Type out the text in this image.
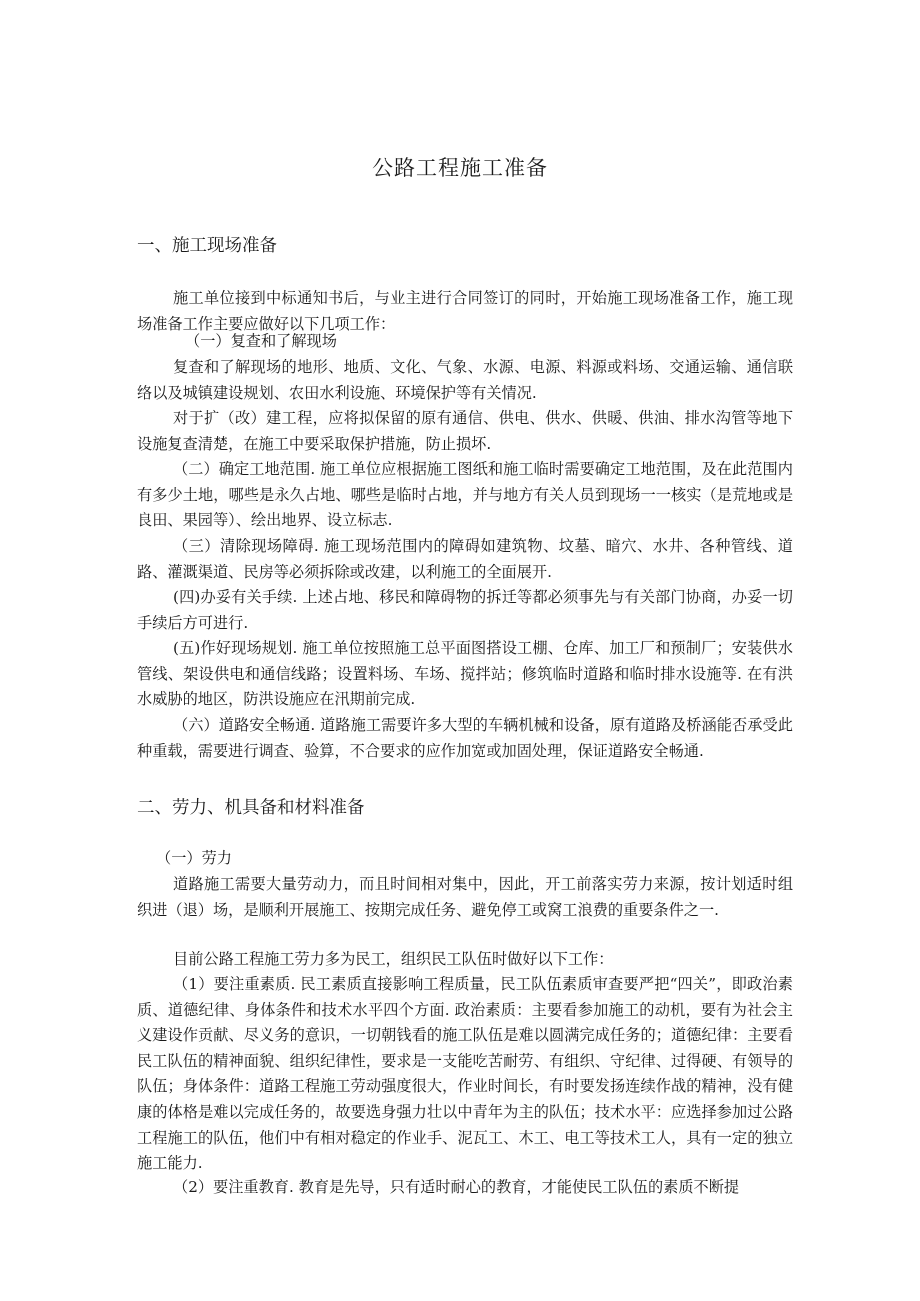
公路工程施工准备
一、施工现场准备

施工单位接到中标通知书后，与业主进行合同签订的同时，开始施工现场准备工作，施工现场准备工作主要应做好以下几项工作：

（一）复查和了解现场

复查和了解现场的地形、地质、文化、气象、水源、电源、料源或料场、交通运输、通信联络以及城镇建设规划、农田水利设施、环境保护等有关情况.

对于扩（改）建工程，应将拟保留的原有通信、供电、供水、供暖、供油、排水沟管等地下设施复查清楚，在施工中要采取保护措施，防止损坏.

（二）确定工地范围. 施工单位应根据施工图纸和施工临时需要确定工地范围，及在此范围内有多少土地，哪些是永久占地、哪些是临时占地，并与地方有关人员到现场一一核实（是荒地或是良田、果园等）、绘出地界、设立标志.

（三）清除现场障碍. 施工现场范围内的障碍如建筑物、坟墓、暗穴、水井、各种管线、道路、灌溉渠道、民房等必须拆除或改建，以利施工的全面展开.

(四)办妥有关手续. 上述占地、移民和障碍物的拆迁等都必须事先与有关部门协商，办妥一切手续后方可进行.

(五)作好现场规划. 施工单位按照施工总平面图搭设工棚、仓库、加工厂和预制厂；安装供水管线、架设供电和通信线路；设置料场、车场、搅拌站；修筑临时道路和临时排水设施等. 在有洪水威胁的地区，防洪设施应在汛期前完成.

（六）道路安全畅通. 道路施工需要许多大型的车辆机械和设备，原有道路及桥涵能否承受此种重载，需要进行调查、验算，不合要求的应作加宽或加固处理，保证道路安全畅通.

二、劳力、机具备和材料准备
（一）劳力

道路施工需要大量劳动力，而且时间相对集中，因此，开工前落实劳力来源，按计划适时组织进（退）场，是顺利开展施工、按期完成任务、避免停工或窝工浪费的重要条件之一.

目前公路工程施工劳力多为民工，组织民工队伍时做好以下工作：

（1）要注重素质. 民工素质直接影响工程质量，民工队伍素质审查要严把“四关”，即政治素质、道德纪律、身体条件和技术水平四个方面. 政治素质：主要看参加施工的动机，要有为社会主义建设作贡献、尽义务的意识，一切朝钱看的施工队伍是难以圆满完成任务的；道德纪律：主要看民工队伍的精神面貌、组织纪律性，要求是一支能吃苦耐劳、有组织、守纪律、过得硬、有领导的队伍；身体条件：道路工程施工劳动强度很大，作业时间长，有时要发扬连续作战的精神，没有健康的体格是难以完成任务的，故要选身强力壮以中青年为主的队伍；技术水平：应选择参加过公路工程施工的队伍，他们中有相对稳定的作业手、泥瓦工、木工、电工等技术工人，具有一定的独立施工能力.

（2）要注重教育. 教育是先导，只有适时耐心的教育，才能使民工队伍的素质不断提
